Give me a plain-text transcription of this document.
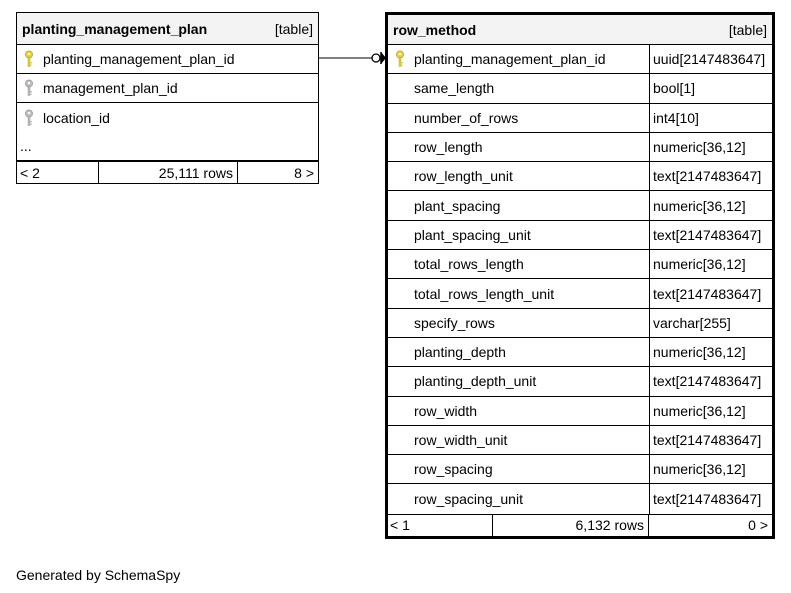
planting_management_plan	[table]
planting_management_plan_id
management_plan_id
location_id
...
< 2	25,111 rows	8 >
row_method	[table]
planting_management_plan_id	uuid[2147483647]
same_length	bool[1]
number_of_rows	int4[10]
row_length	numeric[36,12]
row_length_unit	text[2147483647]
plant_spacing	numeric[36,12]
plant_spacing_unit	text[2147483647]
total_rows_length	numeric[36,12]
total_rows_length_unit	text[2147483647]
specify_rows	varchar[255]
planting_depth	numeric[36,12]
planting_depth_unit	text[2147483647]
row_width	numeric[36,12]
row_width_unit	text[2147483647]
row_spacing	numeric[36,12]
row_spacing_unit	text[2147483647]
< 1	6,132 rows	0 >
Generated by SchemaSpy
